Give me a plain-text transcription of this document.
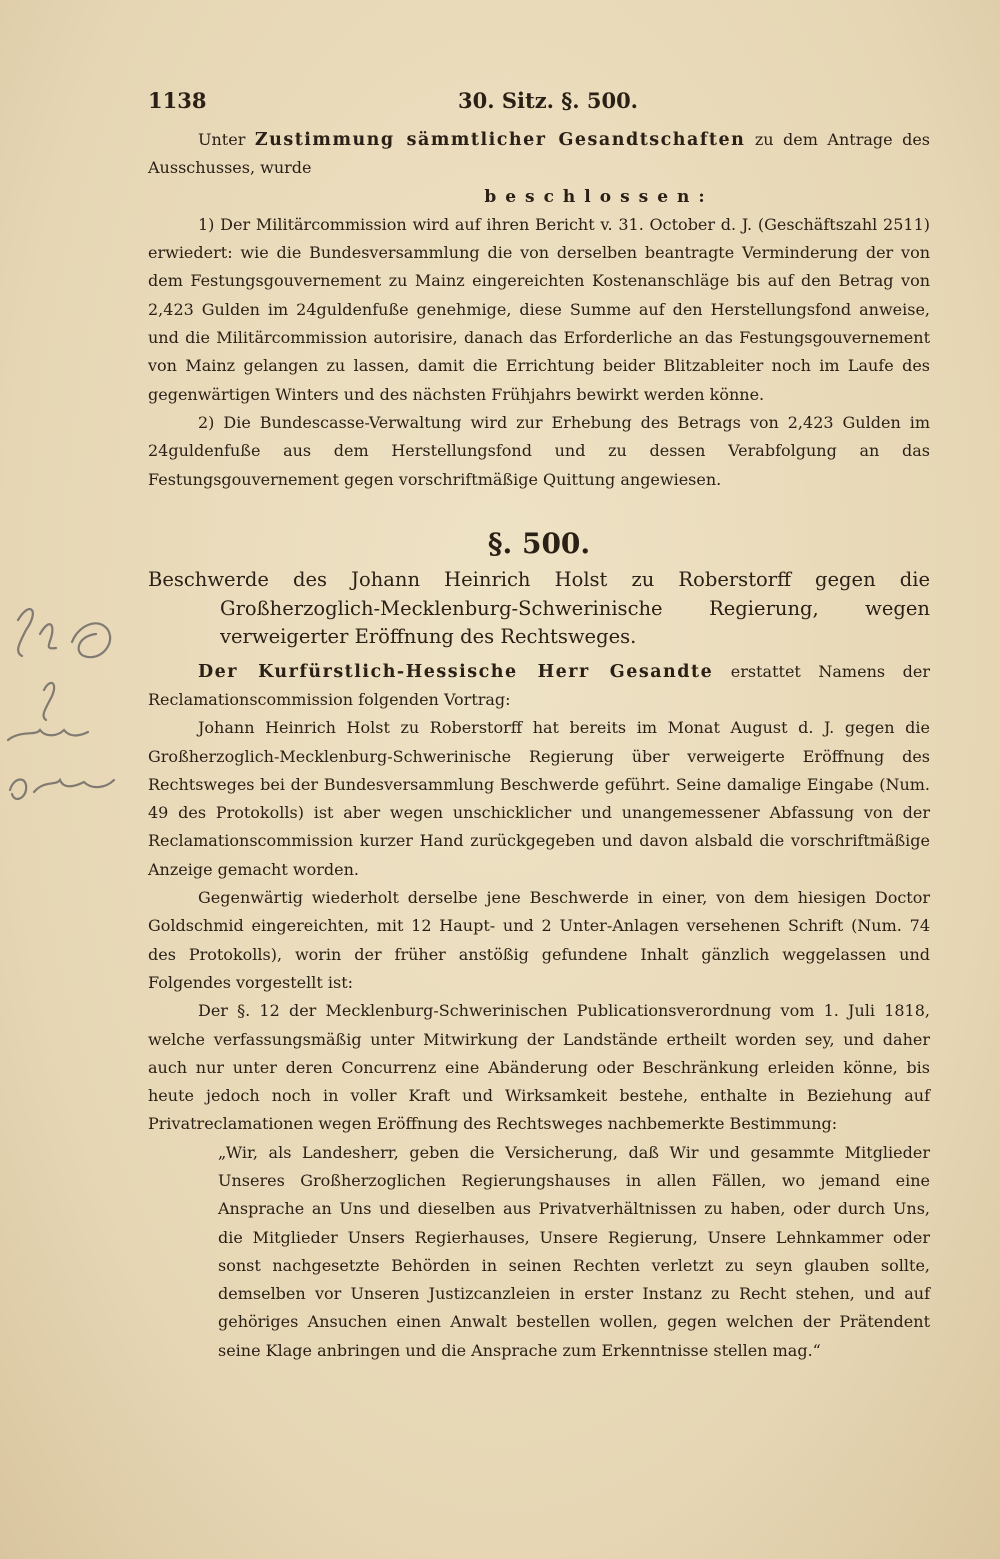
1138	30. Sitz. §. 500.

Unter Zustimmung sämmtlicher Gesandtschaften zu dem Antrage des Ausschusses, wurde

beschlossen:

1) Der Militärcommission wird auf ihren Bericht v. 31. October d. J. (Geschäftszahl 2511) erwiedert: wie die Bundesversammlung die von derselben beantragte Verminderung der von dem Festungsgouvernement zu Mainz eingereichten Kostenanschläge bis auf den Betrag von 2,423 Gulden im 24guldenfuße genehmige, diese Summe auf den Herstellungsfond anweise, und die Militärcommission autorisire, danach das Erforderliche an das Festungsgouvernement von Mainz gelangen zu lassen, damit die Errichtung beider Blitzableiter noch im Laufe des gegenwärtigen Winters und des nächsten Frühjahrs bewirkt werden könne.

2) Die Bundescasse-Verwaltung wird zur Erhebung des Betrags von 2,423 Gulden im 24guldenfuße aus dem Herstellungsfond und zu dessen Verabfolgung an das Festungsgouvernement gegen vorschriftmäßige Quittung angewiesen.

§. 500.

Beschwerde des Johann Heinrich Holst zu Roberstorff gegen die Großherzoglich-Mecklenburg-Schwerinische Regierung, wegen verweigerter Eröffnung des Rechtsweges.

Der Kurfürstlich-Hessische Herr Gesandte erstattet Namens der Reclamationscommission folgenden Vortrag:

Johann Heinrich Holst zu Roberstorff hat bereits im Monat August d. J. gegen die Großherzoglich-Mecklenburg-Schwerinische Regierung über verweigerte Eröffnung des Rechtsweges bei der Bundesversammlung Beschwerde geführt. Seine damalige Eingabe (Num. 49 des Protokolls) ist aber wegen unschicklicher und unangemessener Abfassung von der Reclamationscommission kurzer Hand zurückgegeben und davon alsbald die vorschriftmäßige Anzeige gemacht worden.

Gegenwärtig wiederholt derselbe jene Beschwerde in einer, von dem hiesigen Doctor Goldschmid eingereichten, mit 12 Haupt- und 2 Unter-Anlagen versehenen Schrift (Num. 74 des Protokolls), worin der früher anstößig gefundene Inhalt gänzlich weggelassen und Folgendes vorgestellt ist:

Der §. 12 der Mecklenburg-Schwerinischen Publicationsverordnung vom 1. Juli 1818, welche verfassungsmäßig unter Mitwirkung der Landstände ertheilt worden sey, und daher auch nur unter deren Concurrenz eine Abänderung oder Beschränkung erleiden könne, bis heute jedoch noch in voller Kraft und Wirksamkeit bestehe, enthalte in Beziehung auf Privatreclamationen wegen Eröffnung des Rechtsweges nachbemerkte Bestimmung:

„Wir, als Landesherr, geben die Versicherung, daß Wir und gesammte Mitglieder Unseres Großherzoglichen Regierungshauses in allen Fällen, wo jemand eine Ansprache an Uns und dieselben aus Privatverhältnissen zu haben, oder durch Uns, die Mitglieder Unsers Regierhauses, Unsere Regierung, Unsere Lehnkammer oder sonst nachgesetzte Behörden in seinen Rechten verletzt zu seyn glauben sollte, demselben vor Unseren Justizcanzleien in erster Instanz zu Recht stehen, und auf gehöriges Ansuchen einen Anwalt bestellen wollen, gegen welchen der Prätendent seine Klage anbringen und die Ansprache zum Erkenntnisse stellen mag.“
